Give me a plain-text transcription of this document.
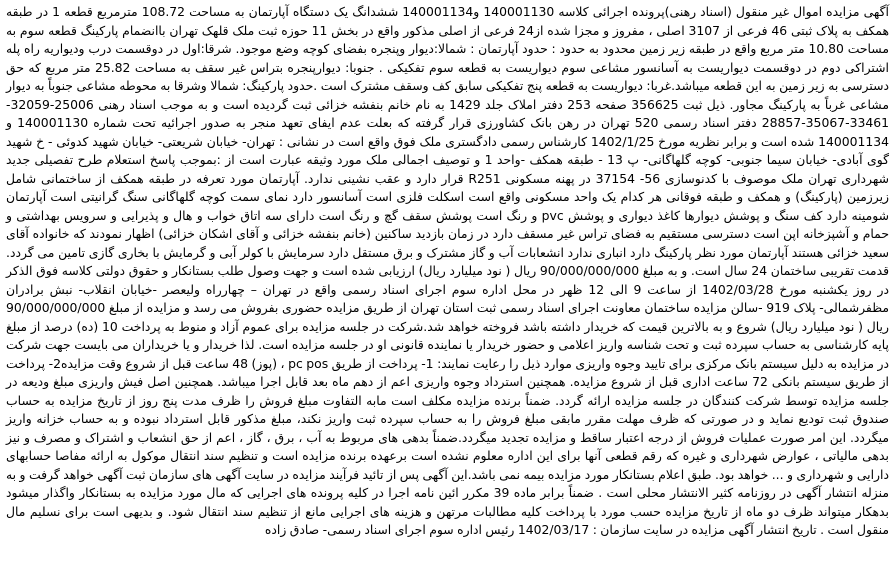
آگهی مزایده اموال غیر منقول (اسناد رهنی)پرونده اجرائی کلاسه 140001130 و140001134 ششدانگ یک دستگاه آپارتمان به مساحت 108.72 مترمربع قطعه 1 در طبقه همکف به پلاک ثبتی 46 فرعی از 3107 اصلی ، مفروز و مجزا شده از24 فرعی از اصلی مذکور واقع در بخش 11 حوزه ثبت ملک قلهک تهران باانضمام پارکینگ قطعه سوم به مساحت 10.80 متر مربع واقع در طبقه زیر زمین محدود به حدود : حدود آپارتمان : شمالا:دیوار وپنجره بفضای کوچه وضع موجود. شرقا:اول در دوقسمت درب ودیواریه راه پله اشتراکی دوم در دوقسمت دیواریست به آسانسور مشاعی سوم دیواریست به قطعه سوم تفکیکی . جنوبا: دیوارپنجره بتراس غیر سقف به مساحت 25.82 متر مربع که حق دسترسی به زیر زمین به این قطعه میباشد.غربا: دیواریست به قطعه پنج تفکیکی سابق کف وسقف مشترک است .حدود پارکینگ: شمالا وشرقا به محوطه مشاعی جنوباً به دیوار مشاعی غرباً به پارکینگ مجاور. ذیل ثبت 356625 صفحه 253 دفتر املاک جلد 1429 به نام خانم بنفشه خزائی ثبت گردیده است و به موجب اسناد رهنی 25006-32059-33461-35067-28857 دفتر اسناد رسمی 520 تهران در رهن بانک کشاورزی قرار گرفته که بعلت عدم ایفای تعهد منجر به صدور اجرائیه تحت شماره 140001130 و 140001134 شده است و برابر نظریه مورخ 1402/1/25 کارشناس رسمی دادگستری ملک فوق واقع است در نشانی : تهران- خیابان شریعتی- خیابان شهید کدوئی - خ شهید گوی آبادی- خیابان سیما جنوبی- کوچه گلهاگانی- پ 13 - طبقه همکف -واحد 1 و توصیف اجمالی ملک مورد وثیقه عبارت است از :بموجب پاسخ استعلام طرح تفصیلی جدید شهرداری تهران ملک موصوف با کدنوسازی 56- 37154 در پهنه مسکونی R251 قرار دارد و عقب نشینی ندارد. آپارتمان مورد تعرفه در طبقه همکف از ساختمانی شامل زیرزمین (پارکینگ) و همکف و طبقه فوقانی هر کدام یک واحد مسکونی واقع است اسکلت فلزی است آسانسور دارد نمای سمت کوچه گلهاگانی سنگ گرانیتی است آپارتمان شومینه دارد کف سنگ و پوشش دیوارها کاغذ دیواری و پوشش pvc و رنگ است پوشش سقف گچ و رنگ است دارای سه اتاق خواب و هال و پذیرایی و سرویس بهداشتی و حمام و آشپزخانه اپن است دسترسی مستقیم به فضای تراس غیر مسقف دارد در زمان بازدید ساکنین (خانم بنفشه خزائی و آقای اشکان خزائی) اظهار نمودند که خانواده آقای سعید خزائی هستند آپارتمان مورد نظر پارکینگ دارد انباری ندارد انشعابات آب و گاز مشترک و برق مستقل دارد سرمایش با کولر آبی و گرمایش با بخاری گازی تامین می گردد. قدمت تقریبی ساختمان 24 سال است. و به مبلغ 90/000/000/000 ریال ( نود میلیارد ریال) ارزیابی شده است و جهت وصول طلب بستانکار و حقوق دولتی کلاسه فوق الذکر در روز یکشنبه مورخ 1402/03/28 از ساعت 9 الی 12 ظهر در محل اداره سوم اجرای اسناد رسمی واقع در تهران – چهارراه ولیعصر -خیابان انقلاب- نبش برادران مظفرشمالی- پلاک 919 -سالن مزایده ساختمان معاونت اجرای اسناد رسمی ثبت استان تهران از طریق مزایده حضوری بفروش می رسد و مزایده از مبلغ 90/000/000/000 ریال ( نود میلیارد ریال) شروع و به بالاترین قیمت که خریدار داشته باشد فروخته خواهد شد.شرکت در جلسه مزایده برای عموم آزاد و منوط به پرداخت 10 (ده) درصد از مبلغ پایه کارشناسی به حساب سپرده ثبت و تحت شناسه واریز اعلامی و حضور خریدار یا نماینده قانونی او در جلسه مزایده است. لذا خریدار و یا خریداران می بایست جهت شرکت در مزایده به دلیل سیستم بانک مرکزی برای تایید وجوه واریزی موارد ذیل را رعایت نمایند: 1- پرداخت از طریق pc pos ، (پوز) 48 ساعت قبل از شروع وقت مزایده2- پرداخت از طریق سیستم بانکی 72 ساعت اداری قبل از شروع مزایده. همچنین استرداد وجوه واریزی اعم از دهم ماه بعد قابل اجرا میباشد. همچنین اصل فیش واریزی مبلغ ودیعه در جلسه مزایده توسط شرکت کنندگان در جلسه مزایده ارائه گردد. ضمناً برنده مزایده مکلف است مابه التفاوت مبلغ فروش را ظرف مدت پنج روز از تاریخ مزایده به حساب صندوق ثبت تودیع نماید و در صورتی که ظرف مهلت مقرر مابقی مبلغ فروش را به حساب سپرده ثبت واریز نکند، مبلغ مذکور قابل استرداد نبوده و به حساب خزانه واریز میگردد. این امر صورت عملیات فروش از درجه اعتبار ساقط و مزایده تجدید میگردد.ضمناً بدهی های مربوط به آب ، برق ، گاز ، اعم از حق انشعاب و اشتراک و مصرف و نیز بدهی مالیاتی ، عوارض شهرداری و غیره که رقم قطعی آنها برای این اداره معلوم نشده است برعهده برنده مزایده است و تنظیم سند انتقال موکول به ارائه مفاصا حسابهای دارایی و شهرداری و ... خواهد بود. طبق اعلام بستانکار مورد مزایده بیمه نمی باشد.این آگهی پس از تائید فرآیند مزایده در سایت آگهی های سازمان ثبت آگهی خواهد گرفت و به منزله انتشار آگهی در روزنامه کثیر الانتشار محلی است . ضمناً برابر ماده 39 مکرر ائین نامه اجرا در کلیه پرونده های اجرایی که مال مورد مزایده به بستانکار واگذار میشود بدهکار میتواند ظرف دو ماه از تاریخ مزایده حسب مورد با پرداخت کلیه مطالبات مرتهن و هزینه های اجرایی مانع از تنظیم سند انتقال شود. و بدیهی است برای نسلیم مال منقول است . تاریخ انتشار آگهی مزایده در سایت سازمان : 1402/03/17 رئیس اداره سوم اجرای اسناد رسمی- صادق زاده
